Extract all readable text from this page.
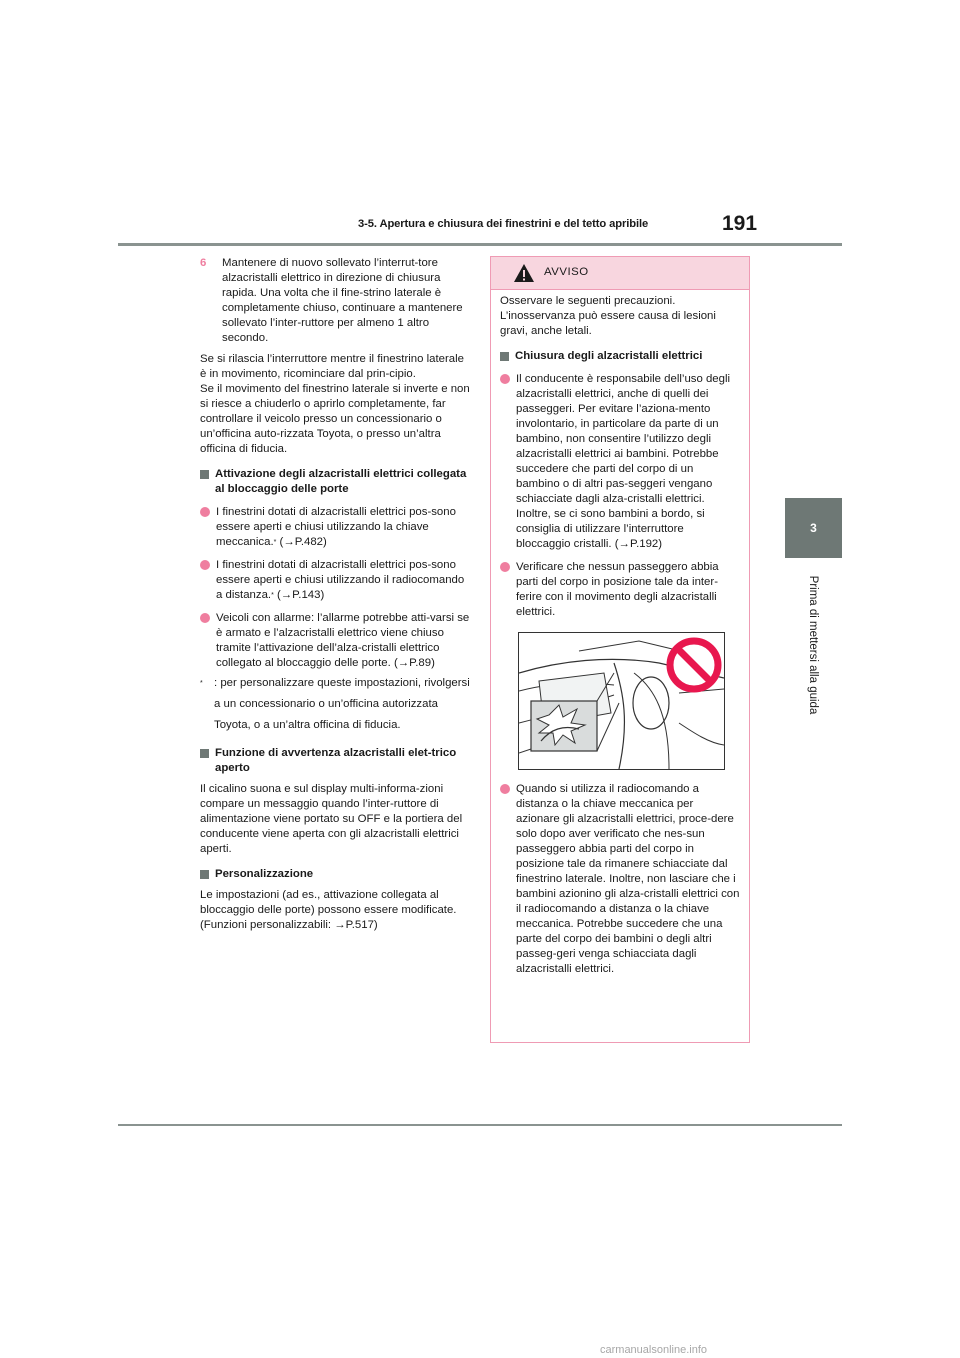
3-5. Apertura e chiusura dei finestrini e del tetto apribile	191
3
Prima di mettersi alla guida
6	Mantenere di nuovo sollevato l’interrut-tore alzacristalli elettrico in direzione di chiusura rapida. Una volta che il fine-strino laterale è completamente chiuso, continuare a mantenere sollevato l’inter-ruttore per almeno 1 altro secondo.

Se si rilascia l’interruttore mentre il finestrino laterale è in movimento, ricominciare dal prin-cipio.

Se il movimento del finestrino laterale si inverte e non si riesce a chiuderlo o aprirlo completamente, far controllare il veicolo presso un concessionario o un’officina auto-rizzata Toyota, o presso un’altra officina di fiducia.

Attivazione degli alzacristalli elettrici collegata al bloccaggio delle porte
I finestrini dotati di alzacristalli elettrici pos-sono essere aperti e chiusi utilizzando la chiave meccanica.* (→P.482)
I finestrini dotati di alzacristalli elettrici pos-sono essere aperti e chiusi utilizzando il radiocomando a distanza.* (→P.143)
Veicoli con allarme: l’allarme potrebbe atti-varsi se è armato e l’alzacristalli elettrico viene chiuso tramite l’attivazione dell’alza-cristalli elettrico collegato al bloccaggio delle porte. (→P.89)
* : per personalizzare queste impostazioni, rivolgersi a un concessionario o un’officina autorizzata Toyota, o a un’altra officina di fiducia.
Funzione di avvertenza alzacristalli elet-trico aperto

Il cicalino suona e sul display multi-informa-zioni compare un messaggio quando l’inter-ruttore di alimentazione viene portato su OFF e la portiera del conducente viene aperta con gli alzacristalli elettrici aperti.

Personalizzazione

Le impostazioni (ad es., attivazione collegata al bloccaggio delle porte) possono essere modificate. (Funzioni personalizzabili: →P.517)

AVVISO

Osservare le seguenti precauzioni. L’inosservanza può essere causa di lesioni gravi, anche letali.

Chiusura degli alzacristalli elettrici
Il conducente è responsabile dell’uso degli alzacristalli elettrici, anche di quelli dei passeggeri. Per evitare l’aziona-mento involontario, in particolare da parte di un bambino, non consentire l’utilizzo degli alzacristalli elettrici ai bambini. Potrebbe succedere che parti del corpo di un bambino o di altri pas-seggeri vengano schiacciate dagli alza-cristalli elettrici. Inoltre, se ci sono bambini a bordo, si consiglia di utilizzare l’interruttore bloccaggio cristalli. (→P.192)
Verificare che nessun passeggero abbia parti del corpo in posizione tale da inter-ferire con il movimento degli alzacristalli elettrici.
Quando si utilizza il radiocomando a distanza o la chiave meccanica per azionare gli alzacristalli elettrici, proce-dere solo dopo aver verificato che nes-sun passeggero abbia parti del corpo in posizione tale da rimanere schiacciate dal finestrino laterale. Inoltre, non lasciare che i bambini azionino gli alza-cristalli elettrici con il radiocomando a distanza o la chiave meccanica. Potrebbe succedere che una parte del corpo dei bambini o degli altri passeg-geri venga schiacciata dagli alzacristalli elettrici.
carmanualsonline.info
